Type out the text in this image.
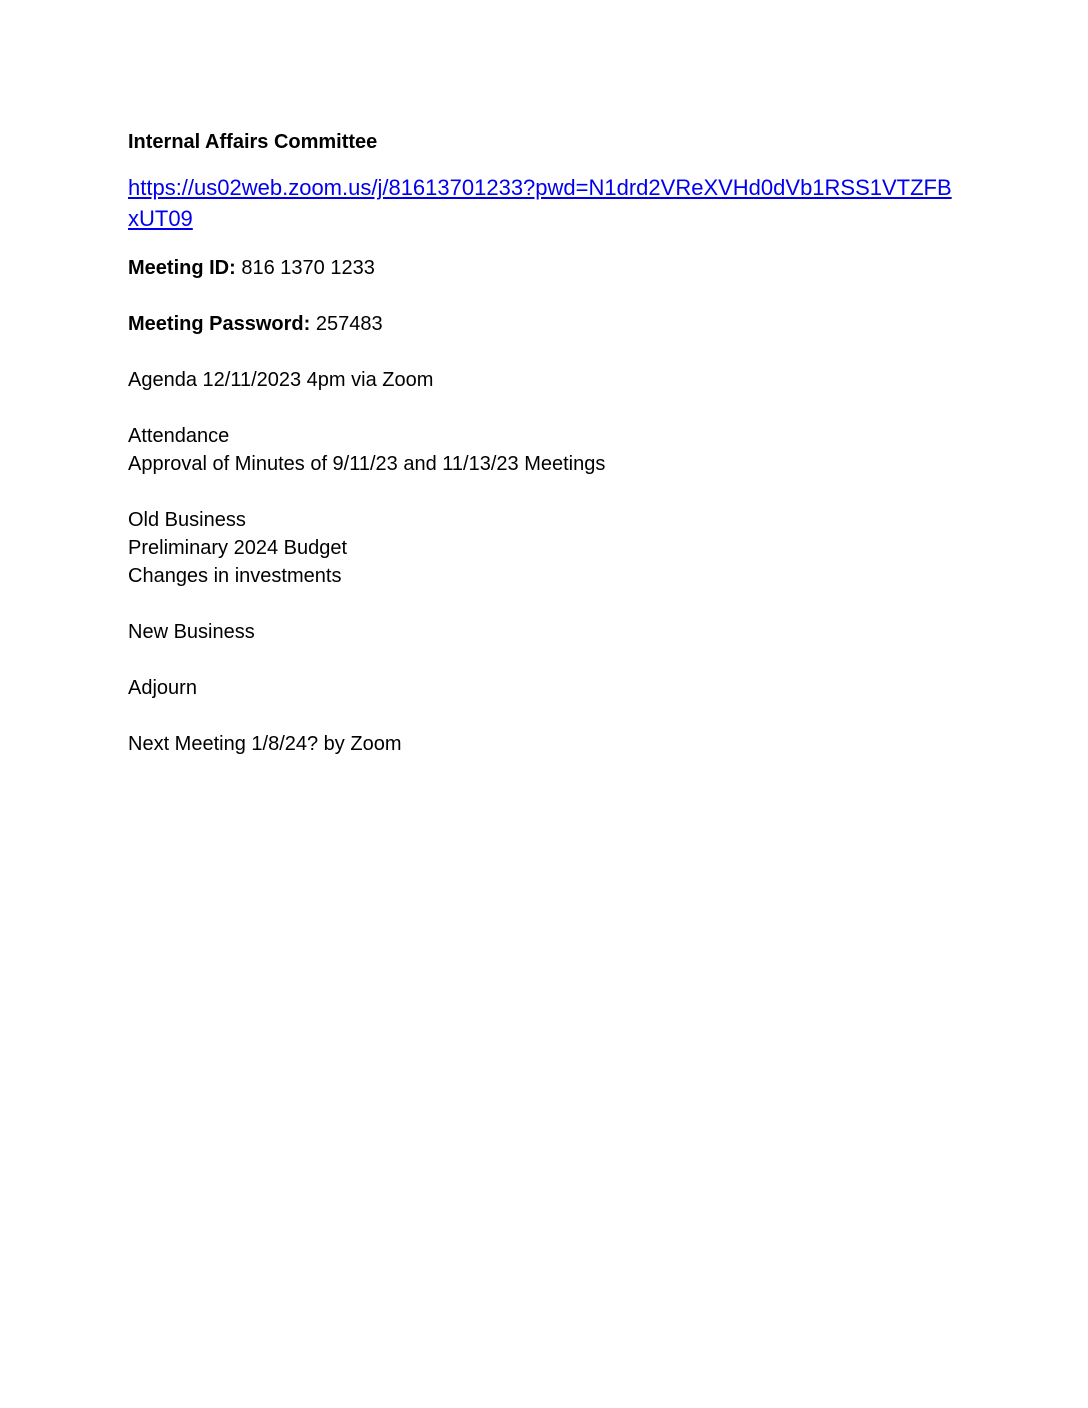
Internal Affairs Committee

https://us02web.zoom.us/j/81613701233?pwd=N1drd2VReXVHd0dVb1RSS1VTZFBxUT09

Meeting ID: 816 1370 1233

Meeting Password: 257483

Agenda 12/11/2023 4pm via Zoom

Attendance
Approval of Minutes of 9/11/23 and 11/13/23 Meetings

Old Business
Preliminary 2024 Budget
Changes in investments

New Business

Adjourn

Next Meeting 1/8/24? by Zoom
